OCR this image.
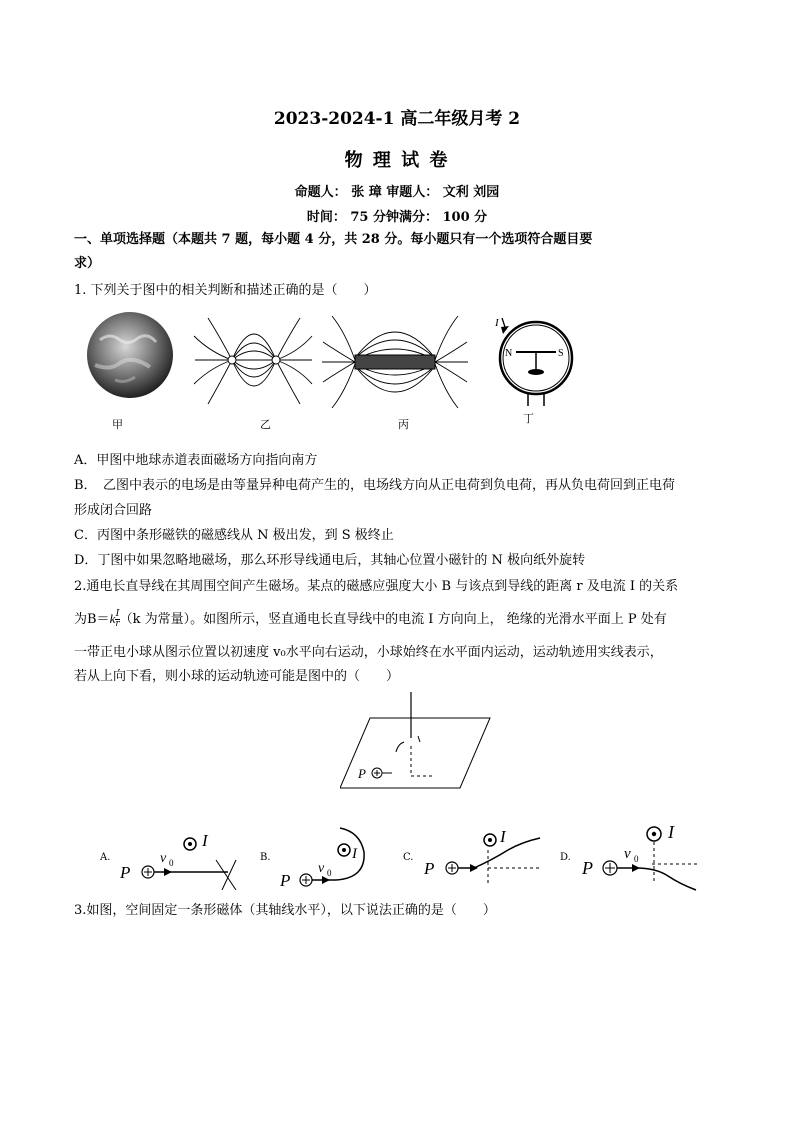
2023-2024-1 高二年级月考 2
物 理 试 卷
命题人： 张 璋 审题人： 文利 刘园
时间： 75 分钟满分： 100 分
一、单项选择题（本题共 7 题，每小题 4 分，共 28 分。每小题只有一个选项符合题目要
求）
1. 下列关于图中的相关判断和描述正确的是（　　）
甲	乙	丙
I
N	S
丁
A．甲图中地球赤道表面磁场方向指向南方
B．　乙图中表示的电场是由等量异种电荷产生的，电场线方向从正电荷到负电荷，再从负电荷回到正电荷
形成闭合回路
C．丙图中条形磁铁的磁感线从 N 极出发，到 S 极终止
D．丁图中如果忽略地磁场，那么环形导线通电后，其轴心位置小磁针的 N 极向纸外旋转
2.通电长直导线在其周围空间产生磁场。某点的磁感应强度大小 B 与该点到导线的距离 r 及电流 I 的关系
为$B=k \frac{I}{r} (k$ 为常量）。如图所示，竖直通电长直导线中的电流 I 方向向上， 绝缘的光滑水平面上 P 处有
一带正电小球从图示位置以初速度 v₀水平向右运动，小球始终在水平面内运动，运动轨迹用实线表示，
若从上向下看，则小球的运动轨迹可能是图中的（　　）
P
A.
P
v 0
I
B.
P
v 0
I	C.
P
I
D.
P
v 0
I
3.如图，空间固定一条形磁体（其轴线水平），以下说法正确的是（　　）
